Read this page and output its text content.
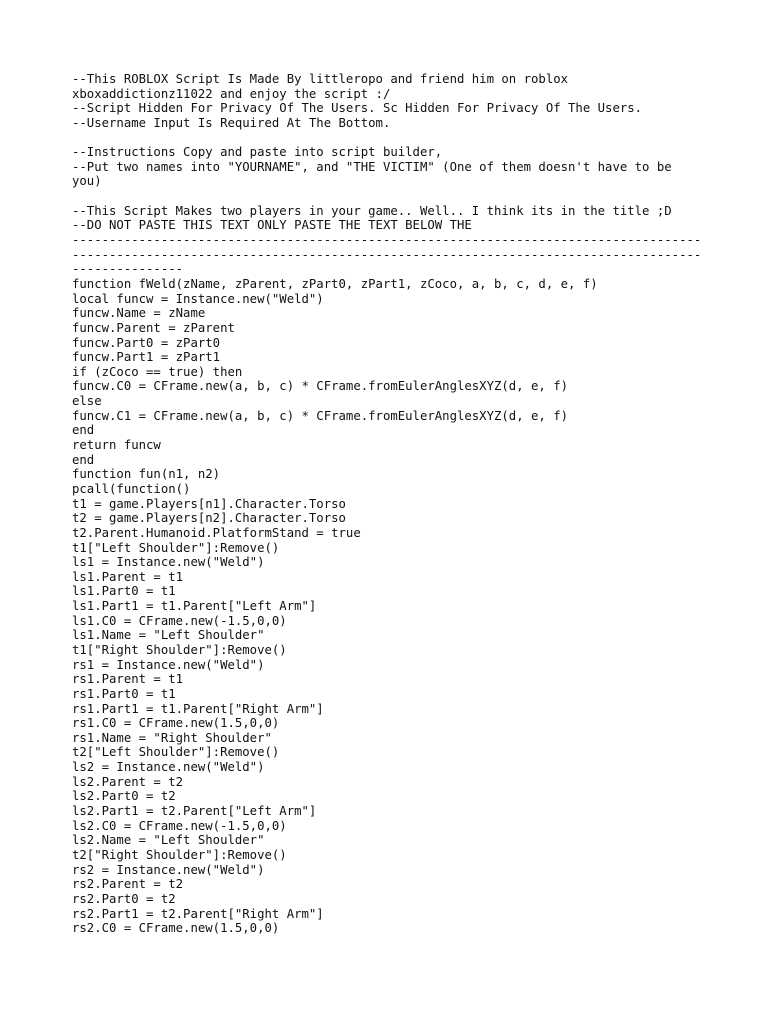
--This ROBLOX Script Is Made By littleropo and friend him on roblox
xboxaddictionz11022 and enjoy the script :/
--Script Hidden For Privacy Of The Users. Sc Hidden For Privacy Of The Users.
--Username Input Is Required At The Bottom.
--Instructions Copy and paste into script builder,
--Put two names into "YOURNAME", and "THE VICTIM" (One of them doesn't have to be
you)
--This Script Makes two players in your game.. Well.. I think its in the title ;D
--DO NOT PASTE THIS TEXT ONLY PASTE THE TEXT BELOW THE
-------------------------------------------------------------------------------------
-------------------------------------------------------------------------------------
---------------
function fWeld(zName, zParent, zPart0, zPart1, zCoco, a, b, c, d, e, f)
local funcw = Instance.new("Weld")
funcw.Name = zName
funcw.Parent = zParent
funcw.Part0 = zPart0
funcw.Part1 = zPart1
if (zCoco == true) then
funcw.C0 = CFrame.new(a, b, c) * CFrame.fromEulerAnglesXYZ(d, e, f)
else
funcw.C1 = CFrame.new(a, b, c) * CFrame.fromEulerAnglesXYZ(d, e, f)
end
return funcw
end
function fun(n1, n2)
pcall(function()
t1 = game.Players[n1].Character.Torso
t2 = game.Players[n2].Character.Torso
t2.Parent.Humanoid.PlatformStand = true
t1["Left Shoulder"]:Remove()
ls1 = Instance.new("Weld")
ls1.Parent = t1
ls1.Part0 = t1
ls1.Part1 = t1.Parent["Left Arm"]
ls1.C0 = CFrame.new(-1.5,0,0)
ls1.Name = "Left Shoulder"
t1["Right Shoulder"]:Remove()
rs1 = Instance.new("Weld")
rs1.Parent = t1
rs1.Part0 = t1
rs1.Part1 = t1.Parent["Right Arm"]
rs1.C0 = CFrame.new(1.5,0,0)
rs1.Name = "Right Shoulder"
t2["Left Shoulder"]:Remove()
ls2 = Instance.new("Weld")
ls2.Parent = t2
ls2.Part0 = t2
ls2.Part1 = t2.Parent["Left Arm"]
ls2.C0 = CFrame.new(-1.5,0,0)
ls2.Name = "Left Shoulder"
t2["Right Shoulder"]:Remove()
rs2 = Instance.new("Weld")
rs2.Parent = t2
rs2.Part0 = t2
rs2.Part1 = t2.Parent["Right Arm"]
rs2.C0 = CFrame.new(1.5,0,0)
